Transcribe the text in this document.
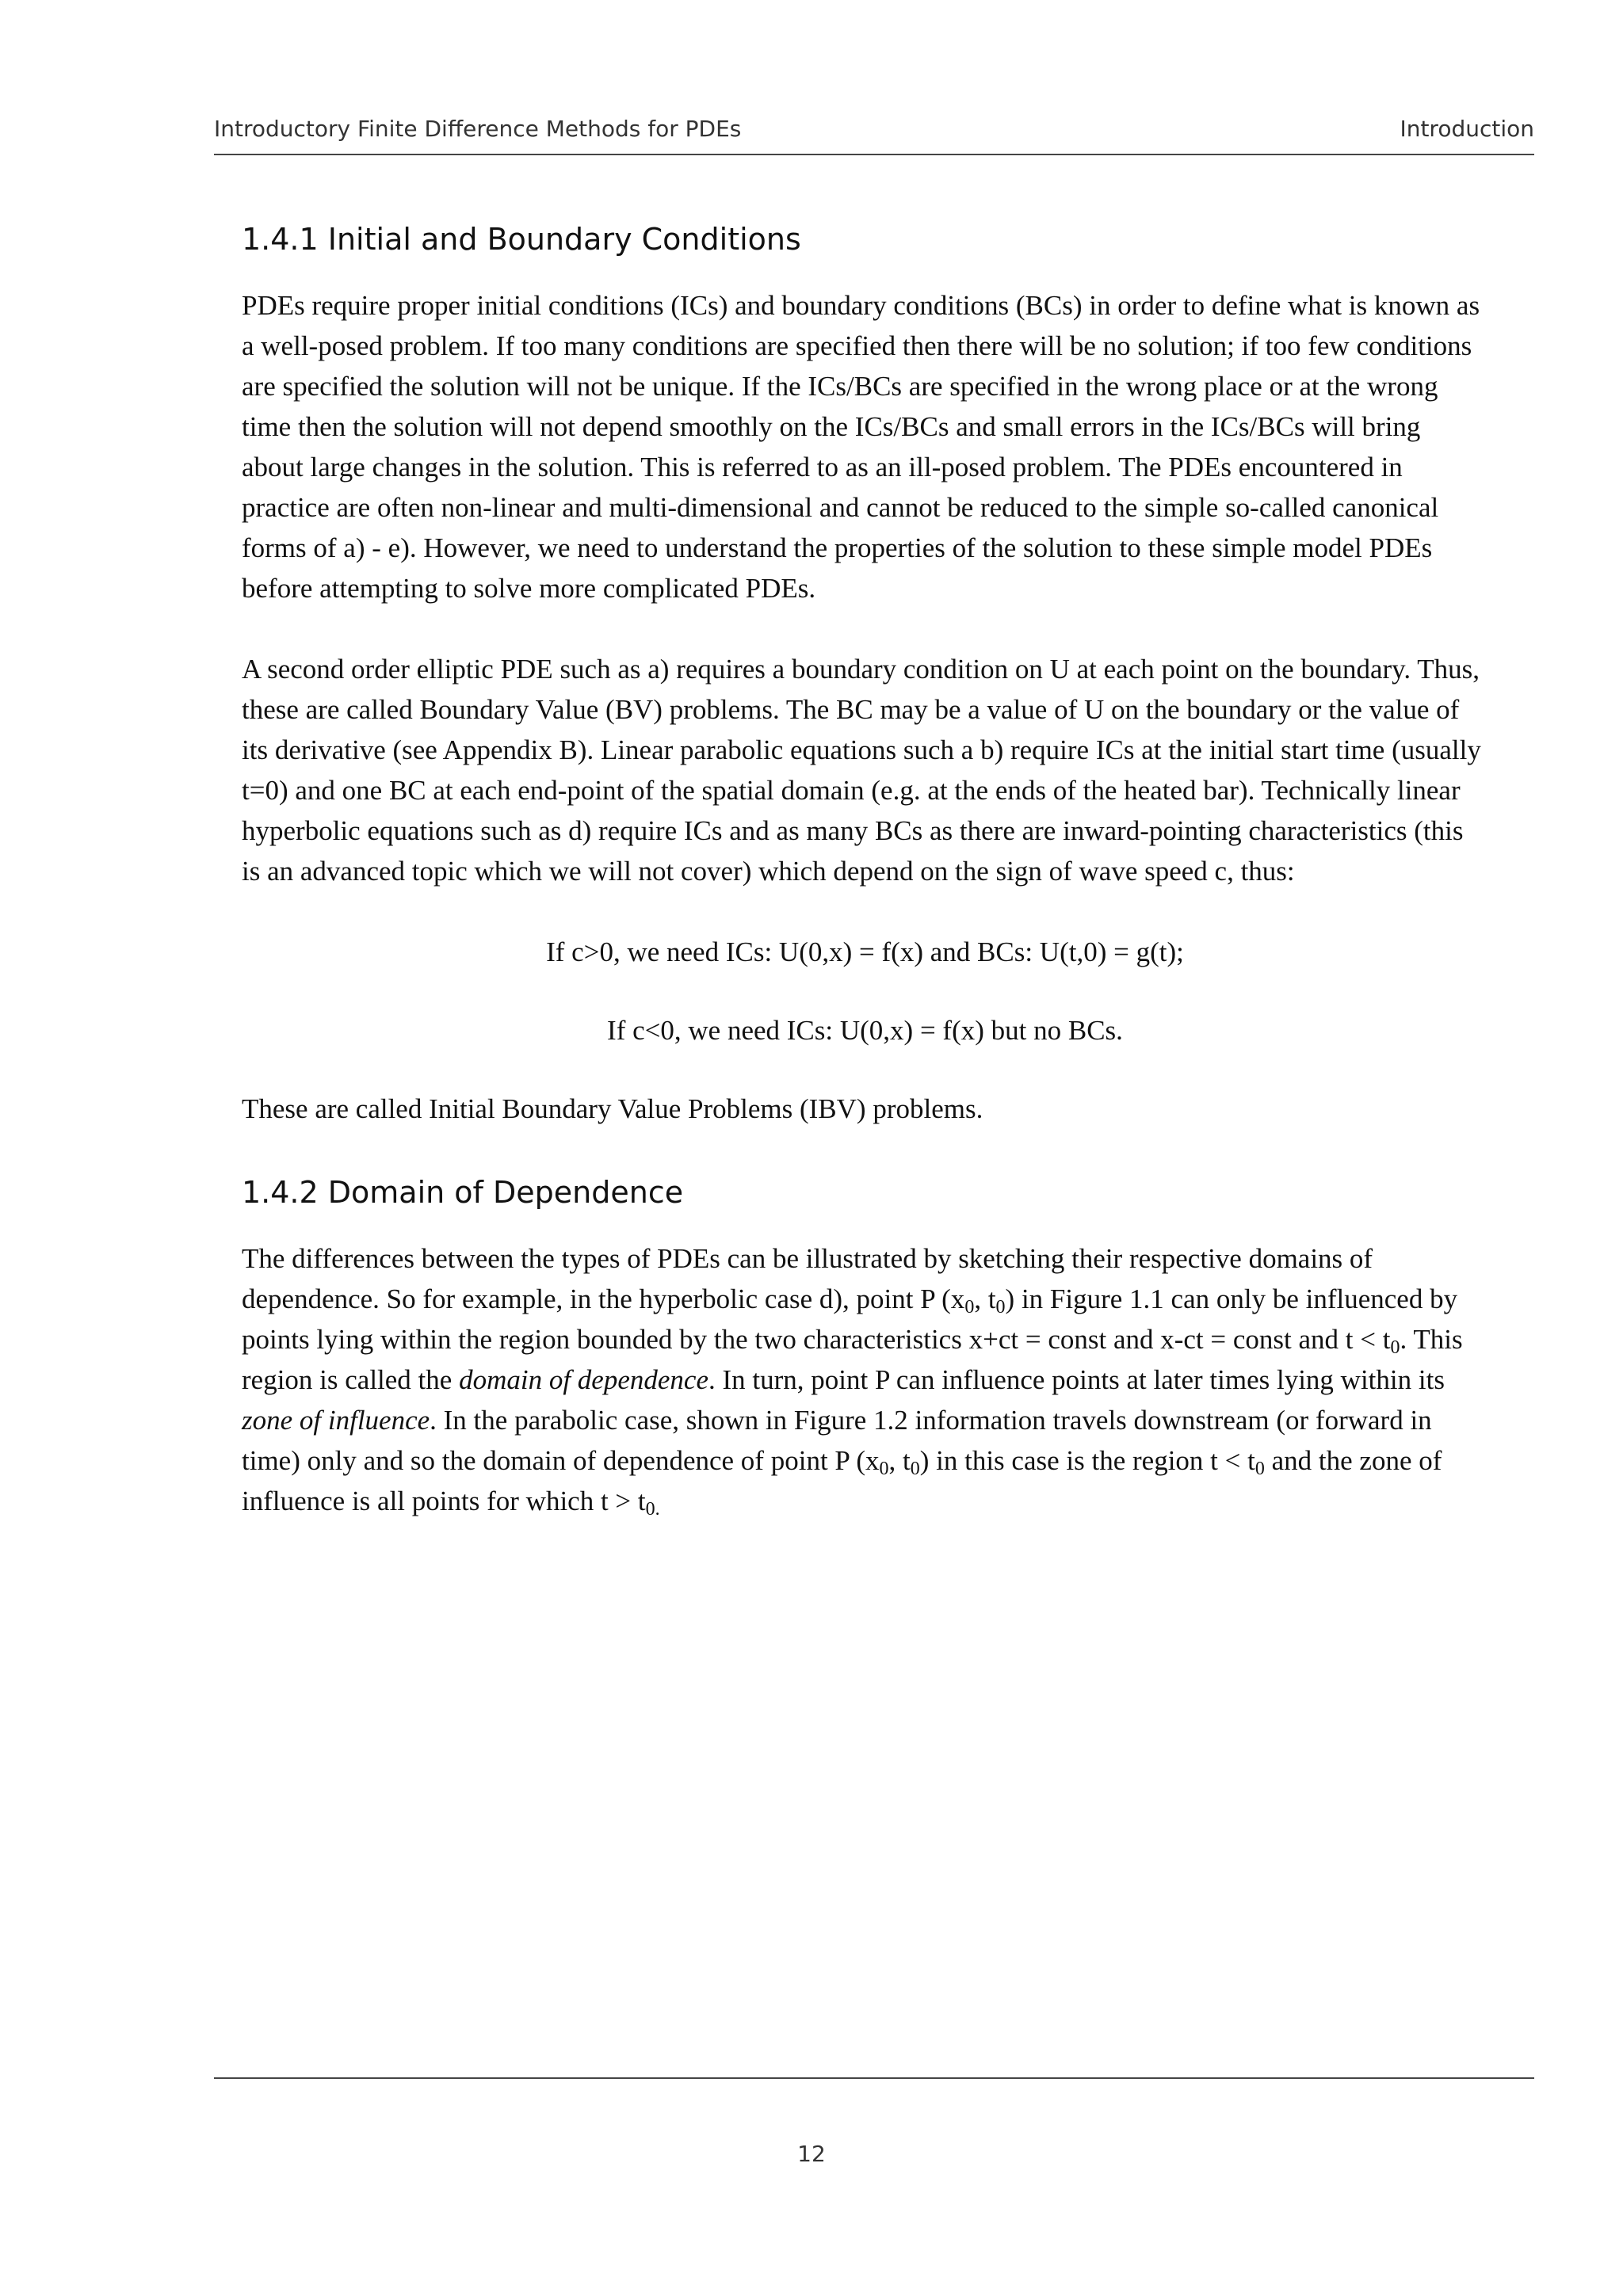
Introductory Finite Difference Methods for PDEs	Introduction
1.4.1 Initial and Boundary Conditions

PDEs require proper initial conditions (ICs) and boundary conditions (BCs) in order to define what is known as a well-posed problem. If too many conditions are specified then there will be no solution; if too few conditions are specified the solution will not be unique. If the ICs/BCs are specified in the wrong place or at the wrong time then the solution will not depend smoothly on the ICs/BCs and small errors in the ICs/BCs will bring about large changes in the solution. This is referred to as an ill-posed problem. The PDEs encountered in practice are often non-linear and multi-dimensional and cannot be reduced to the simple so-called canonical forms of a) - e). However, we need to understand the properties of the solution to these simple model PDEs before attempting to solve more complicated PDEs.

A second order elliptic PDE such as a) requires a boundary condition on U at each point on the boundary. Thus, these are called Boundary Value (BV) problems. The BC may be a value of U on the boundary or the value of its derivative (see Appendix B). Linear parabolic equations such a b) require ICs at the initial start time (usually t=0) and one BC at each end-point of the spatial domain (e.g. at the ends of the heated bar). Technically linear hyperbolic equations such as d) require ICs and as many BCs as there are inward-pointing characteristics (this is an advanced topic which we will not cover) which depend on the sign of wave speed c, thus:

If c>0, we need ICs: U(0,x) = f(x) and BCs: U(t,0) = g(t);

If c<0, we need ICs: U(0,x) = f(x) but no BCs.

These are called Initial Boundary Value Problems (IBV) problems.

1.4.2 Domain of Dependence

The differences between the types of PDEs can be illustrated by sketching their respective domains of dependence. So for example, in the hyperbolic case d), point P ($x_0$, $t_0$) in Figure 1.1 can only be influenced by points lying within the region bounded by the two characteristics x+ct = const and x-ct = const and $t < t_0$. This region is called the domain of dependence. In turn, point P can influence points at later times lying within its zone of influence. In the parabolic case, shown in Figure 1.2 information travels downstream (or forward in time) only and so the domain of dependence of point P ($x_0$, $t_0$) in this case is the region $t < t_0$ and the zone of influence is all points for which $t > t_{0.}$

12
